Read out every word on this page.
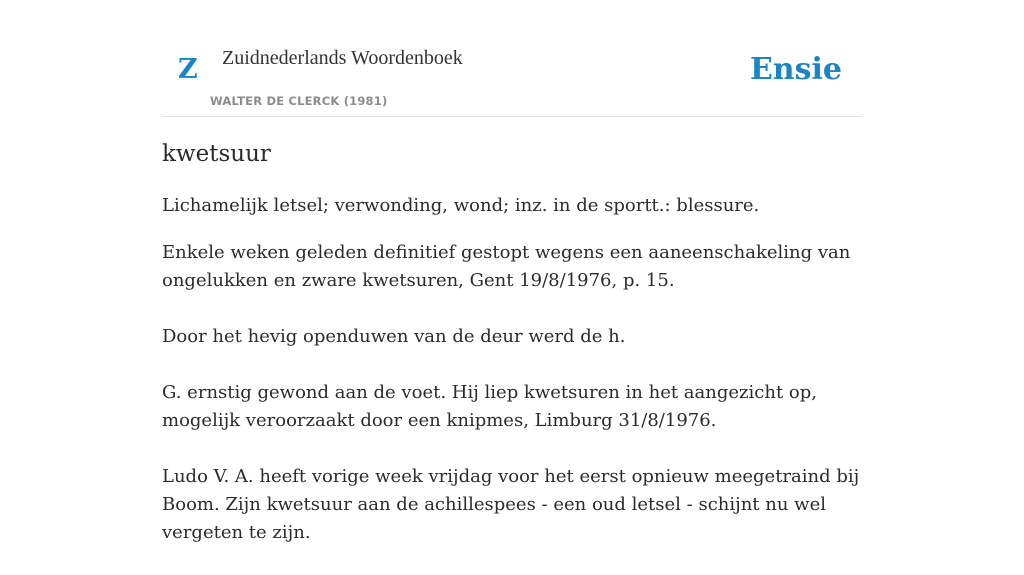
Z Zuidnederlands Woordenboek
WALTER DE CLERCK (1981)
Ensie
kwetsuur

Lichamelijk letsel; verwonding, wond; inz. in de sportt.: blessure.

Enkele weken geleden definitief gestopt wegens een aaneenschakeling van ongelukken en zware kwetsuren, Gent 19/8/1976, p. 15.

Door het hevig openduwen van de deur werd de h.

G. ernstig gewond aan de voet. Hij liep kwetsuren in het aangezicht op, mogelijk veroorzaakt door een knipmes, Limburg 31/8/1976.

Ludo V. A. heeft vorige week vrijdag voor het eerst opnieuw meegetraind bij Boom. Zijn kwetsuur aan de achillespees - een oud letsel - schijnt nu wel vergeten te zijn.
